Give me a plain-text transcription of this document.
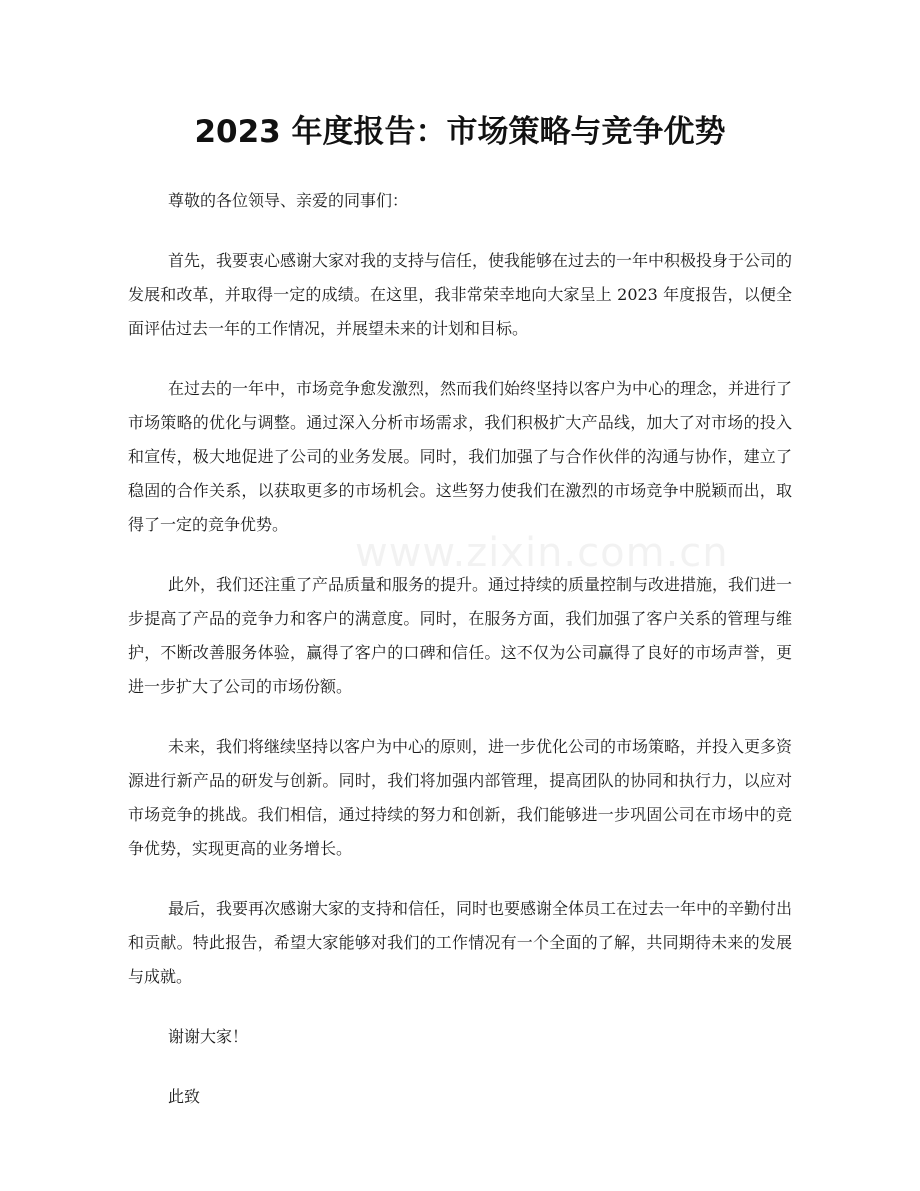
2023 年度报告：市场策略与竞争优势
www.zixin.com.cn

尊敬的各位领导、亲爱的同事们：

首先，我要衷心感谢大家对我的支持与信任，使我能够在过去的一年中积极投身于公司的发展和改革，并取得一定的成绩。在这里，我非常荣幸地向大家呈上 2023 年度报告，以便全面评估过去一年的工作情况，并展望未来的计划和目标。

在过去的一年中，市场竞争愈发激烈，然而我们始终坚持以客户为中心的理念，并进行了市场策略的优化与调整。通过深入分析市场需求，我们积极扩大产品线，加大了对市场的投入和宣传，极大地促进了公司的业务发展。同时，我们加强了与合作伙伴的沟通与协作，建立了稳固的合作关系，以获取更多的市场机会。这些努力使我们在激烈的市场竞争中脱颖而出，取得了一定的竞争优势。

此外，我们还注重了产品质量和服务的提升。通过持续的质量控制与改进措施，我们进一步提高了产品的竞争力和客户的满意度。同时，在服务方面，我们加强了客户关系的管理与维护，不断改善服务体验，赢得了客户的口碑和信任。这不仅为公司赢得了良好的市场声誉，更进一步扩大了公司的市场份额。

未来，我们将继续坚持以客户为中心的原则，进一步优化公司的市场策略，并投入更多资源进行新产品的研发与创新。同时，我们将加强内部管理，提高团队的协同和执行力，以应对市场竞争的挑战。我们相信，通过持续的努力和创新，我们能够进一步巩固公司在市场中的竞争优势，实现更高的业务增长。

最后，我要再次感谢大家的支持和信任，同时也要感谢全体员工在过去一年中的辛勤付出和贡献。特此报告，希望大家能够对我们的工作情况有一个全面的了解，共同期待未来的发展与成就。

谢谢大家！

此致
